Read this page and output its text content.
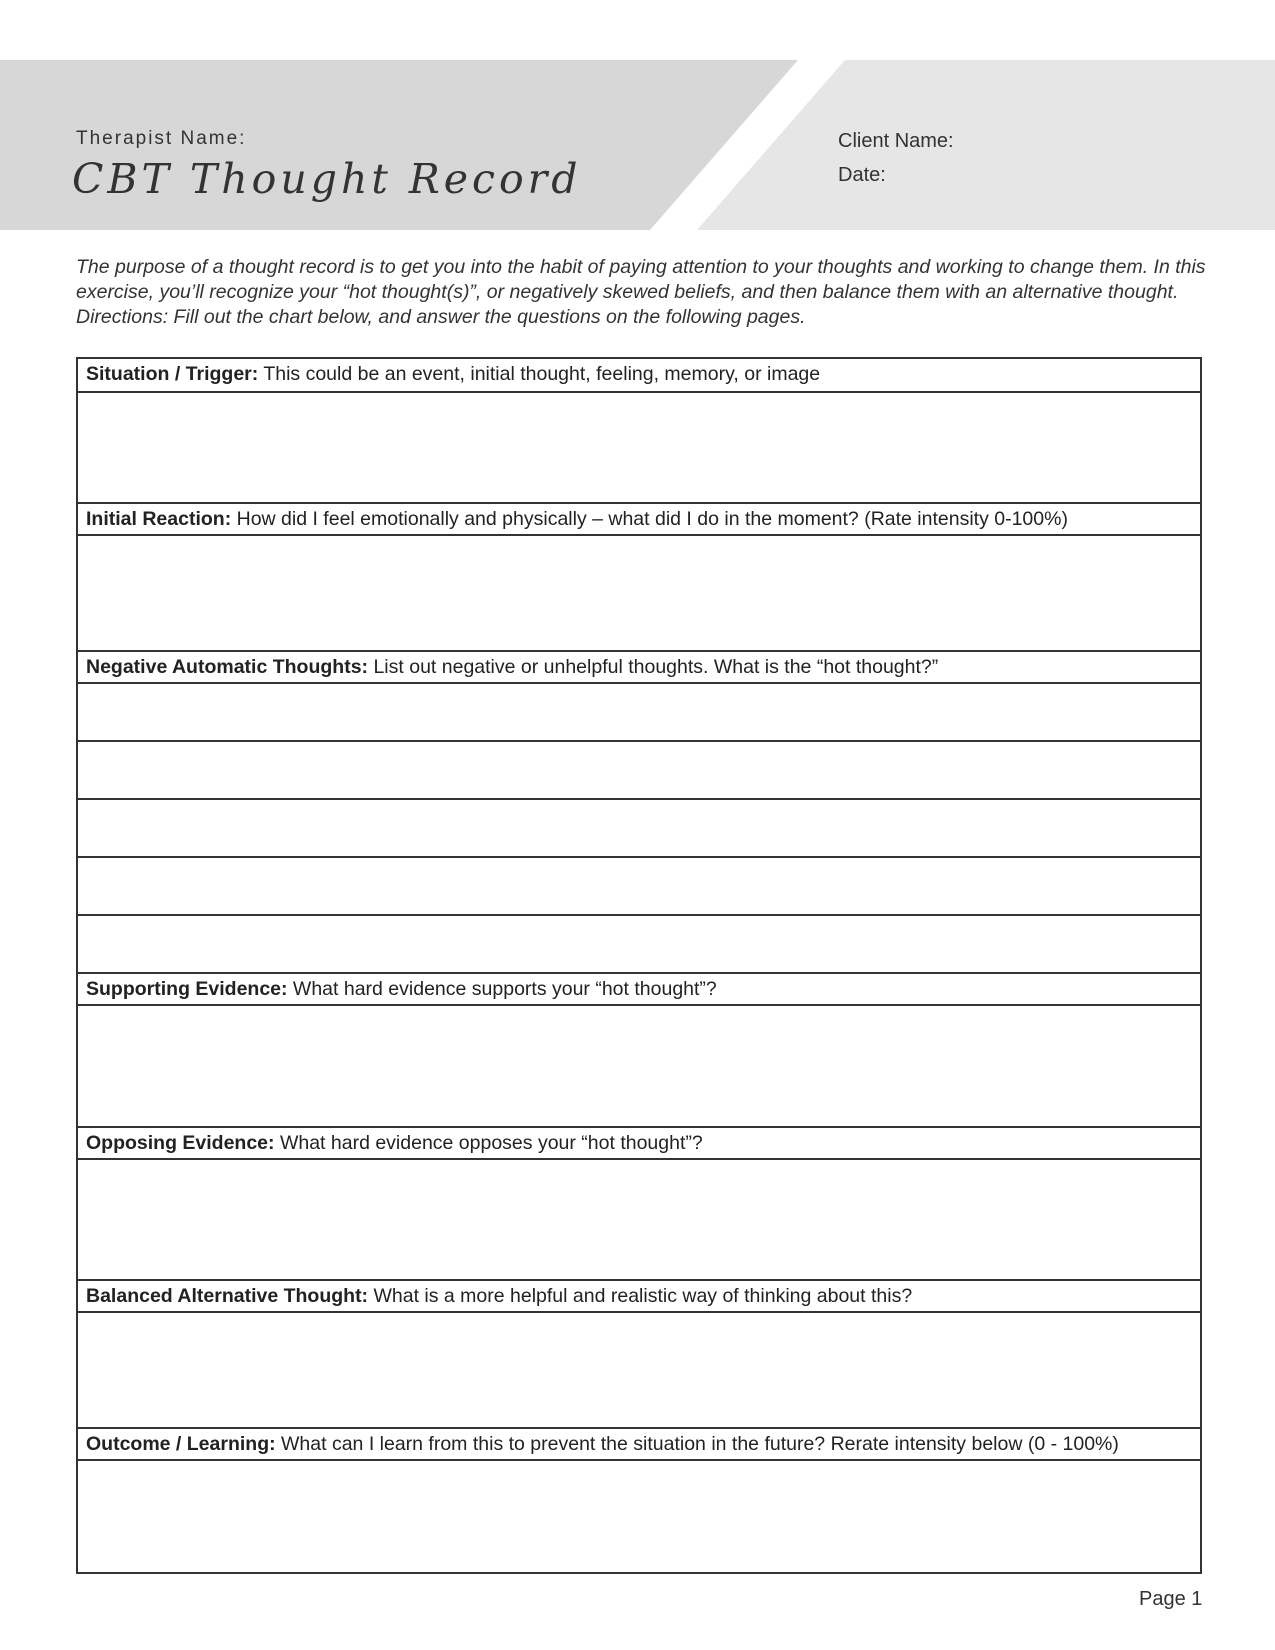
Therapist Name:
CBT Thought Record
Client Name:
Date:
The purpose of a thought record is to get you into the habit of paying attention to your thoughts and working to change them. In this exercise, you’ll recognize your “hot thought(s)”, or negatively skewed beliefs, and then balance them with an alternative thought. Directions: Fill out the chart below, and answer the questions on the following pages.
Situation / Trigger: This could be an event, initial thought, feeling, memory, or image
Initial Reaction: How did I feel emotionally and physically – what did I do in the moment? (Rate intensity 0-100%)
Negative Automatic Thoughts: List out negative or unhelpful thoughts. What is the “hot thought?”
Supporting Evidence: What hard evidence supports your “hot thought”?
Opposing Evidence: What hard evidence opposes your “hot thought”?
Balanced Alternative Thought: What is a more helpful and realistic way of thinking about this?
Outcome / Learning: What can I learn from this to prevent the situation in the future? Rerate intensity below (0 - 100%)
Page 1
